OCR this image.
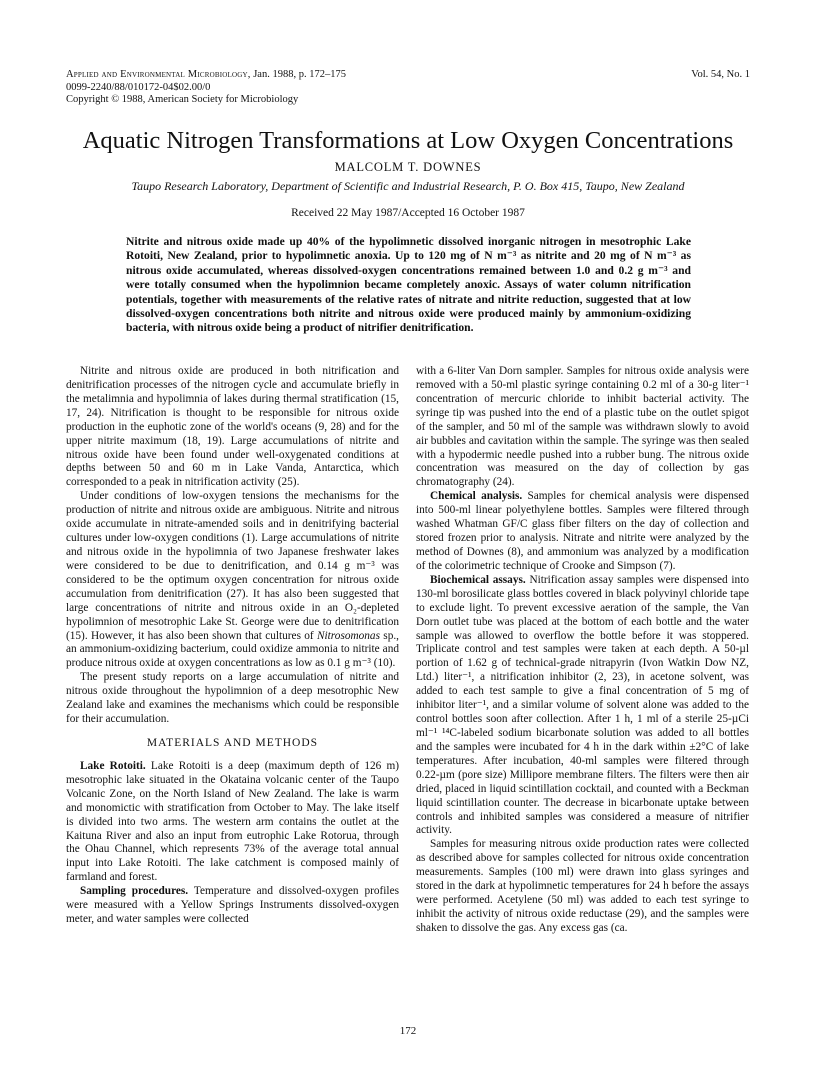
Applied and Environmental Microbiology, Jan. 1988, p. 172–175
0099-2240/88/010172-04$02.00/0
Copyright © 1988, American Society for Microbiology
Vol. 54, No. 1
Aquatic Nitrogen Transformations at Low Oxygen Concentrations
MALCOLM T. DOWNES
Taupo Research Laboratory, Department of Scientific and Industrial Research, P. O. Box 415, Taupo, New Zealand
Received 22 May 1987/Accepted 16 October 1987

Nitrite and nitrous oxide made up 40% of the hypolimnetic dissolved inorganic nitrogen in mesotrophic Lake Rotoiti, New Zealand, prior to hypolimnetic anoxia. Up to 120 mg of N m⁻³ as nitrite and 20 mg of N m⁻³ as nitrous oxide accumulated, whereas dissolved-oxygen concentrations remained between 1.0 and 0.2 g m⁻³ and were totally consumed when the hypolimnion became completely anoxic. Assays of water column nitrification potentials, together with measurements of the relative rates of nitrate and nitrite reduction, suggested that at low dissolved-oxygen concentrations both nitrite and nitrous oxide were produced mainly by ammonium-oxidizing bacteria, with nitrous oxide being a product of nitrifier denitrification.

Nitrite and nitrous oxide are produced in both nitrification and denitrification processes of the nitrogen cycle and accumulate briefly in the metalimnia and hypolimnia of lakes during thermal stratification (15, 17, 24). Nitrification is thought to be responsible for nitrous oxide production in the euphotic zone of the world's oceans (9, 28) and for the upper nitrite maximum (18, 19). Large accumulations of nitrite and nitrous oxide have been found under well-oxygenated conditions at depths between 50 and 60 m in Lake Vanda, Antarctica, which corresponded to a peak in nitrification activity (25).

Under conditions of low-oxygen tensions the mechanisms for the production of nitrite and nitrous oxide are ambiguous. Nitrite and nitrous oxide accumulate in nitrate-amended soils and in denitrifying bacterial cultures under low-oxygen conditions (1). Large accumulations of nitrite and nitrous oxide in the hypolimnia of two Japanese freshwater lakes were considered to be due to denitrification, and 0.14 g m⁻³ was considered to be the optimum oxygen concentration for nitrous oxide accumulation from denitrification (27). It has also been suggested that large concentrations of nitrite and nitrous oxide in an O₂-depleted hypolimnion of mesotrophic Lake St. George were due to denitrification (15). However, it has also been shown that cultures of Nitrosomonas sp., an ammonium-oxidizing bacterium, could oxidize ammonia to nitrite and produce nitrous oxide at oxygen concentrations as low as 0.1 g m⁻³ (10).

The present study reports on a large accumulation of nitrite and nitrous oxide throughout the hypolimnion of a deep mesotrophic New Zealand lake and examines the mechanisms which could be responsible for their accumulation.

MATERIALS AND METHODS

Lake Rotoiti. Lake Rotoiti is a deep (maximum depth of 126 m) mesotrophic lake situated in the Okataina volcanic center of the Taupo Volcanic Zone, on the North Island of New Zealand. The lake is warm and monomictic with stratification from October to May. The lake itself is divided into two arms. The western arm contains the outlet at the Kaituna River and also an input from eutrophic Lake Rotorua, through the Ohau Channel, which represents 73% of the average total annual input into Lake Rotoiti. The lake catchment is composed mainly of farmland and forest.

Sampling procedures. Temperature and dissolved-oxygen profiles were measured with a Yellow Springs Instruments dissolved-oxygen meter, and water samples were collected

with a 6-liter Van Dorn sampler. Samples for nitrous oxide analysis were removed with a 50-ml plastic syringe containing 0.2 ml of a 30-g liter⁻¹ concentration of mercuric chloride to inhibit bacterial activity. The syringe tip was pushed into the end of a plastic tube on the outlet spigot of the sampler, and 50 ml of the sample was withdrawn slowly to avoid air bubbles and cavitation within the sample. The syringe was then sealed with a hypodermic needle pushed into a rubber bung. The nitrous oxide concentration was measured on the day of collection by gas chromatography (24).

Chemical analysis. Samples for chemical analysis were dispensed into 500-ml linear polyethylene bottles. Samples were filtered through washed Whatman GF/C glass fiber filters on the day of collection and stored frozen prior to analysis. Nitrate and nitrite were analyzed by the method of Downes (8), and ammonium was analyzed by a modification of the colorimetric technique of Crooke and Simpson (7).

Biochemical assays. Nitrification assay samples were dispensed into 130-ml borosilicate glass bottles covered in black polyvinyl chloride tape to exclude light. To prevent excessive aeration of the sample, the Van Dorn outlet tube was placed at the bottom of each bottle and the water sample was allowed to overflow the bottle before it was stoppered. Triplicate control and test samples were taken at each depth. A 50-µl portion of 1.62 g of technical-grade nitrapyrin (Ivon Watkin Dow NZ, Ltd.) liter⁻¹, a nitrification inhibitor (2, 23), in acetone solvent, was added to each test sample to give a final concentration of 5 mg of inhibitor liter⁻¹, and a similar volume of solvent alone was added to the control bottles soon after collection. After 1 h, 1 ml of a sterile 25-µCi ml⁻¹ ¹⁴C-labeled sodium bicarbonate solution was added to all bottles and the samples were incubated for 4 h in the dark within ±2°C of lake temperatures. After incubation, 40-ml samples were filtered through 0.22-µm (pore size) Millipore membrane filters. The filters were then air dried, placed in liquid scintillation cocktail, and counted with a Beckman liquid scintillation counter. The decrease in bicarbonate uptake between controls and inhibited samples was considered a measure of nitrifier activity.

Samples for measuring nitrous oxide production rates were collected as described above for samples collected for nitrous oxide concentration measurements. Samples (100 ml) were drawn into glass syringes and stored in the dark at hypolimnetic temperatures for 24 h before the assays were performed. Acetylene (50 ml) was added to each test syringe to inhibit the activity of nitrous oxide reductase (29), and the samples were shaken to dissolve the gas. Any excess gas (ca.

172
